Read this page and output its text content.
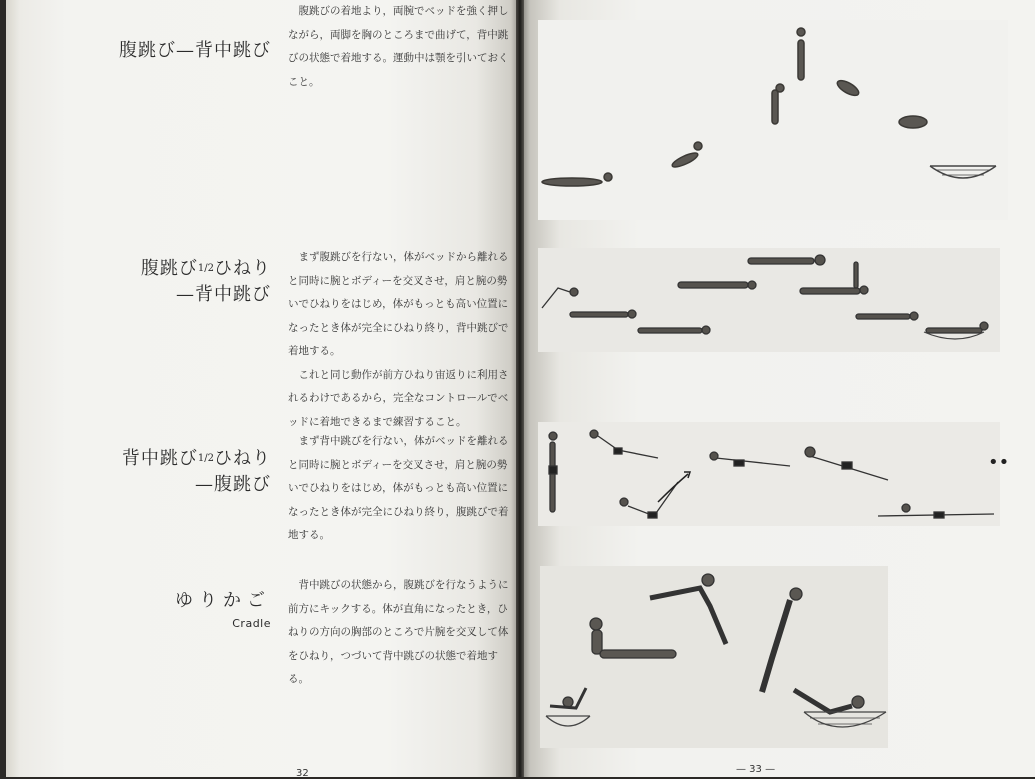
腹跳び—背中跳び

腹跳びの着地より，両腕でベッドを強く押しながら，両脚を胸のところまで曲げて，背中跳びの状態で着地する。運動中は顎を引いておくこと。

腹跳び1/2ひねり
—背中跳び

まず腹跳びを行ない，体がベッドから離れると同時に腕とボディーを交叉させ，肩と腕の勢いでひねりをはじめ，体がもっとも高い位置になったとき体が完全にひねり終り，背中跳びで着地する。

これと同じ動作が前方ひねり宙返りに利用されるわけであるから，完全なコントロールでベッドに着地できるまで練習すること。

背中跳び1/2ひねり
—腹跳び

まず背中跳びを行ない，体がベッドを離れると同時に腕とボディーを交叉させ，肩と腕の勢いでひねりをはじめ，体がもっとも高い位置になったとき体が完全にひねり終り，腹跳びで着地する。

ゆりかご
Cradle

背中跳びの状態から，腹跳びを行なうように前方にキックする。体が直角になったとき，ひねりの方向の胸部のところで片腕を交叉して体をひねり，つづいて背中跳びの状態で着地する。

••
32	— 33 —
